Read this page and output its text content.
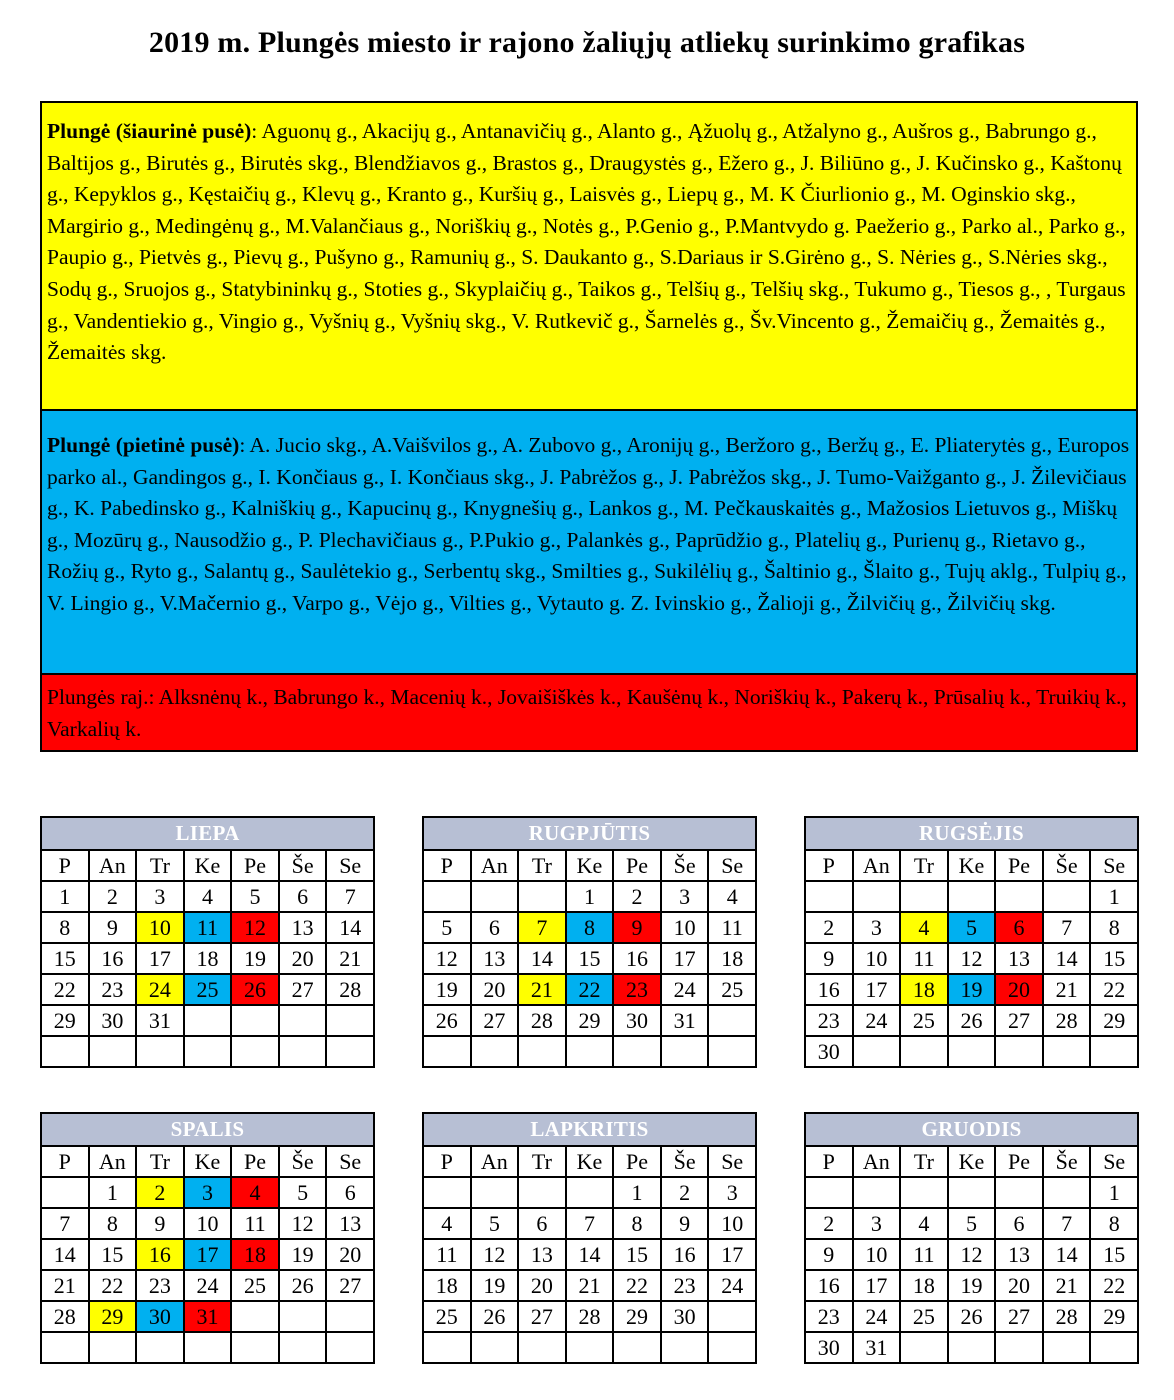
2019 m. Plungės miesto ir rajono žaliųjų atliekų surinkimo grafikas
Plungė (šiaurinė pusė): Aguonų g., Akacijų g., Antanavičių g., Alanto g., Ąžuolų g., Atžalyno g., Aušros g., Babrungo g., Baltijos g., Birutės g., Birutės skg., Blendžiavos g., Brastos g., Draugystės g., Ežero g., J. Biliūno g., J. Kučinsko g., Kaštonų g., Kepyklos g., Kęstaičių g., Klevų g., Kranto g., Kuršių g., Laisvės g., Liepų g., M. K Čiurlionio g., M. Oginskio skg., Margirio g., Medingėnų g., M.Valančiaus g., Noriškių g., Notės g., P.Genio g., P.Mantvydo g. Paežerio g., Parko al., Parko g., Paupio g., Pietvės g., Pievų g., Pušyno g., Ramunių g., S. Daukanto g., S.Dariaus ir S.Girėno g., S. Nėries g., S.Nėries skg., Sodų g., Sruojos g., Statybininkų g., Stoties g., Skyplaičių g., Taikos g., Telšių g., Telšių skg., Tukumo g., Tiesos g., , Turgaus g., Vandentiekio g., Vingio g., Vyšnių g., Vyšnių skg., V. Rutkevič g., Šarnelės g., Šv.Vincento g., Žemaičių g., Žemaitės g., Žemaitės skg.
Plungė (pietinė pusė): A. Jucio skg., A.Vaišvilos g., A. Zubovo g., Aronijų g., Beržoro g., Beržų g., E. Pliaterytės g., Europos parko al., Gandingos g., I. Končiaus g., I. Končiaus skg., J. Pabrėžos g., J. Pabrėžos skg., J. Tumo-Vaižganto g., J. Žilevičiaus g., K. Pabedinsko g., Kalniškių g., Kapucinų g., Knygnešių g., Lankos g., M. Pečkauskaitės g., Mažosios Lietuvos g., Miškų g., Mozūrų g., Nausodžio g., P. Plechavičiaus g., P.Pukio g., Palankės g., Paprūdžio g., Platelių g., Purienų g., Rietavo g., Rožių g., Ryto g., Salantų g., Saulėtekio g., Serbentų skg., Smilties g., Sukilėlių g., Šaltinio g., Šlaito g., Tujų aklg., Tulpių g., V. Lingio g., V.Mačernio g., Varpo g., Vėjo g., Vilties g., Vytauto g. Z. Ivinskio g., Žalioji g., Žilvičių g., Žilvičių skg.
Plungės raj.: Alksnėnų k., Babrungo k., Macenių k., Jovaišiškės k., Kaušėnų k., Noriškių k., Pakerų k., Prūsalių k., Truikių k., Varkalių k.
LIEPA						
P	An	Tr	Ke	Pe	Še	Se
1	2	3	4	5	6	7
8	9	10	11	12	13	14
15	16	17	18	19	20	21
22	23	24	25	26	27	28
29	30	31				

RUGPJŪTIS						
P	An	Tr	Ke	Pe	Še	Se
			1	2	3	4
5	6	7	8	9	10	11
12	13	14	15	16	17	18
19	20	21	22	23	24	25
26	27	28	29	30	31	

RUGSĖJIS						
P	An	Tr	Ke	Pe	Še	Se
						1
2	3	4	5	6	7	8
9	10	11	12	13	14	15
16	17	18	19	20	21	22
23	24	25	26	27	28	29
30						
SPALIS						
P	An	Tr	Ke	Pe	Še	Se
	1	2	3	4	5	6
7	8	9	10	11	12	13
14	15	16	17	18	19	20
21	22	23	24	25	26	27
28	29	30	31			

LAPKRITIS						
P	An	Tr	Ke	Pe	Še	Se
				1	2	3
4	5	6	7	8	9	10
11	12	13	14	15	16	17
18	19	20	21	22	23	24
25	26	27	28	29	30	

GRUODIS						
P	An	Tr	Ke	Pe	Še	Se
						1
2	3	4	5	6	7	8
9	10	11	12	13	14	15
16	17	18	19	20	21	22
23	24	25	26	27	28	29
30	31					
